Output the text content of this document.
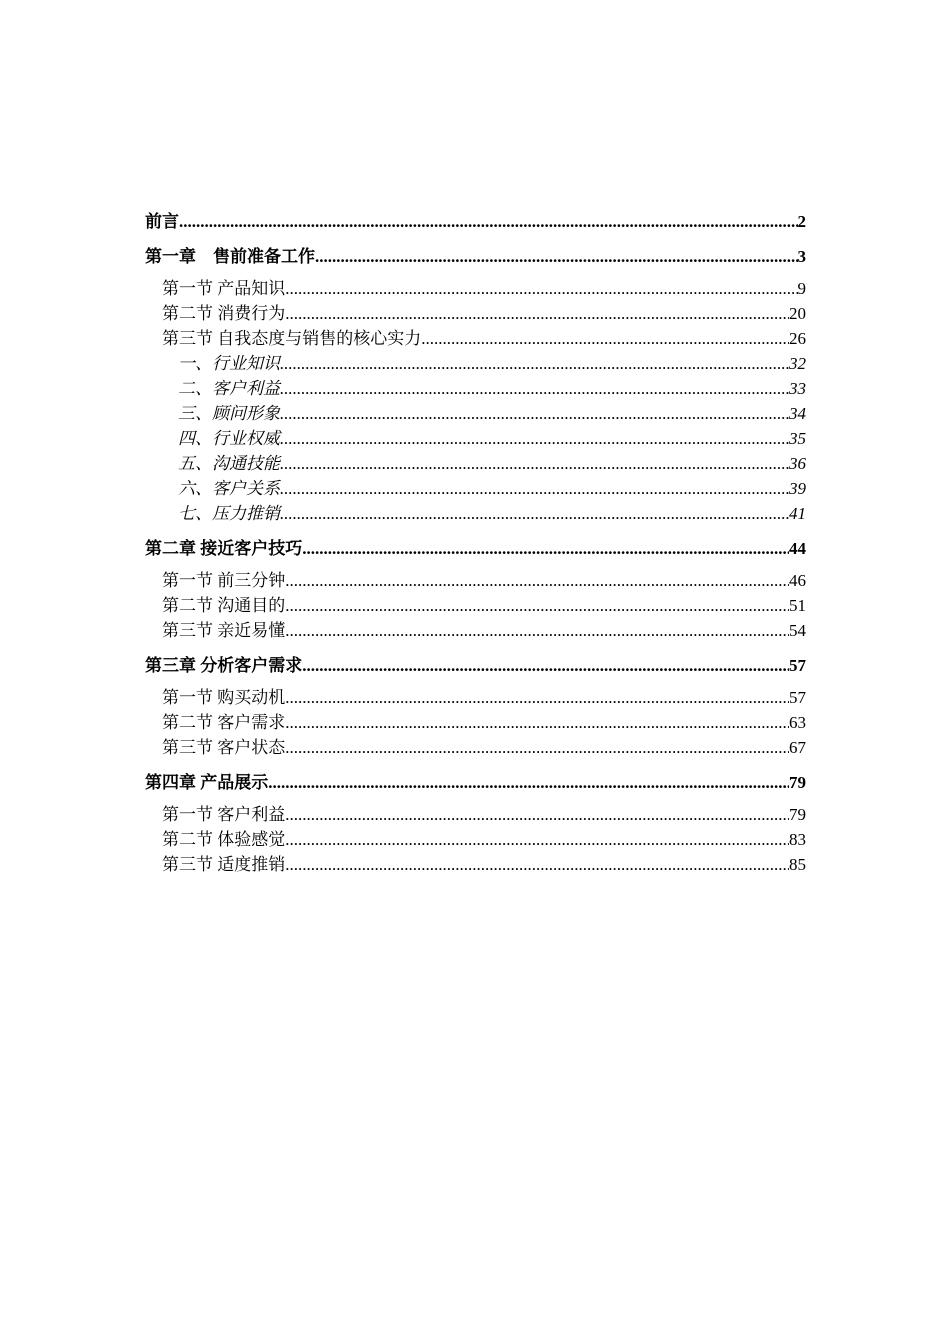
前言 .....	2
第一章　售前准备工作 .....	3
第一节 产品知识 .....	9
第二节 消费行为 .....	20
第三节 自我态度与销售的核心实力 .....	26
一、行业知识 .....	32
二、客户利益 .....	33
三、顾问形象 .....	34
四、行业权威 .....	35
五、沟通技能 .....	36
六、客户关系 .....	39
七、压力推销 .....	41
第二章 接近客户技巧 .....	44
第一节 前三分钟 .....	46
第二节 沟通目的 .....	51
第三节 亲近易懂 .....	54
第三章 分析客户需求 .....	57
第一节 购买动机 .....	57
第二节 客户需求 .....	63
第三节 客户状态 .....	67
第四章 产品展示 .....	79
第一节 客户利益 .....	79
第二节 体验感觉 .....	83
第三节 适度推销 .....	85
